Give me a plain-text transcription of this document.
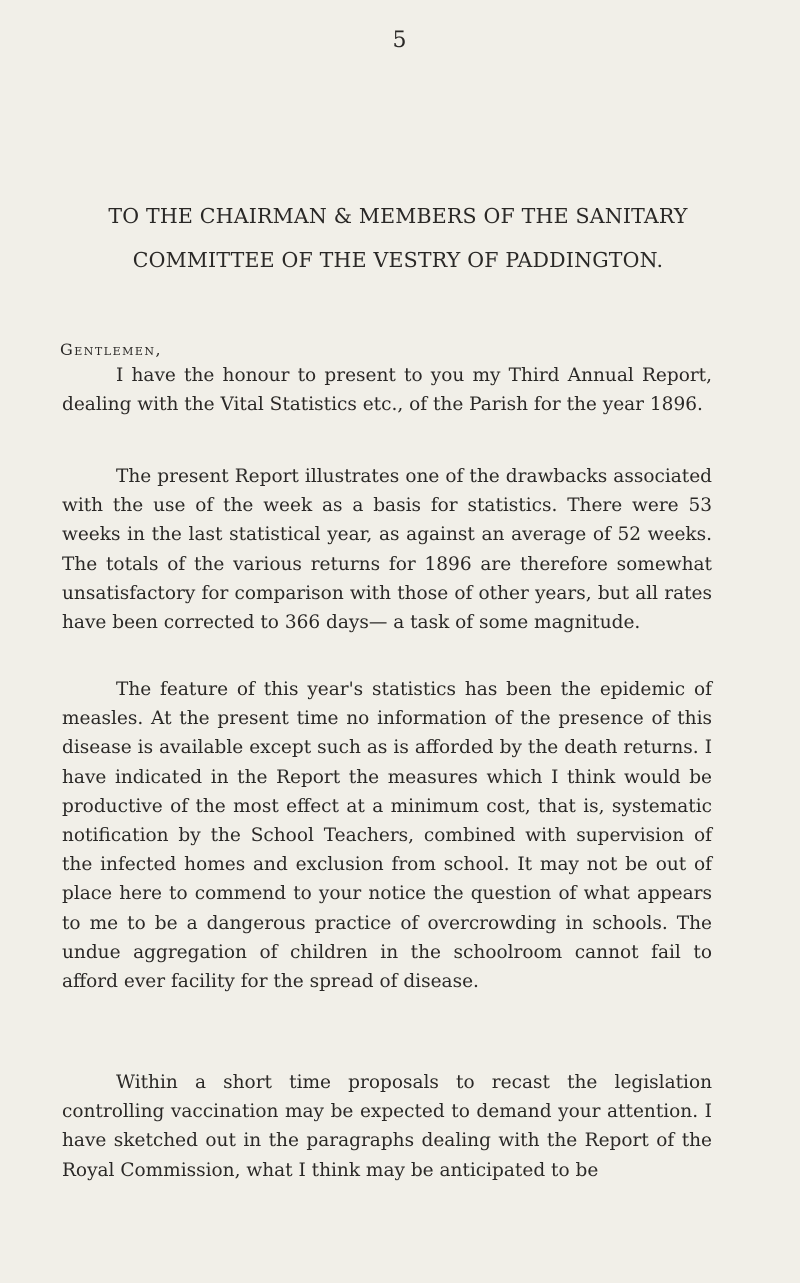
5
TO THE CHAIRMAN & MEMBERS OF THE SANITARY
COMMITTEE OF THE VESTRY OF PADDINGTON.
Gentlemen,

I have the honour to present to you my Third Annual Report, dealing with the Vital Statistics etc., of the Parish for the year 1896.

The present Report illustrates one of the drawbacks associated with the use of the week as a basis for statistics. There were 53 weeks in the last statistical year, as against an average of 52 weeks. The totals of the various returns for 1896 are therefore somewhat unsatisfactory for comparison with those of other years, but all rates have been corrected to 366 days— a task of some magnitude.

The feature of this year's statistics has been the epidemic of measles. At the present time no information of the presence of this disease is available except such as is afforded by the death returns. I have indicated in the Report the measures which I think would be productive of the most effect at a minimum cost, that is, systematic notification by the School Teachers, combined with supervision of the infected homes and exclusion from school. It may not be out of place here to commend to your notice the question of what appears to me to be a dangerous practice of overcrowding in schools. The undue aggregation of children in the schoolroom cannot fail to afford ever facility for the spread of disease.

Within a short time proposals to recast the legislation controlling vaccination may be expected to demand your attention. I have sketched out in the paragraphs dealing with the Report of the Royal Commission, what I think may be anticipated to be
